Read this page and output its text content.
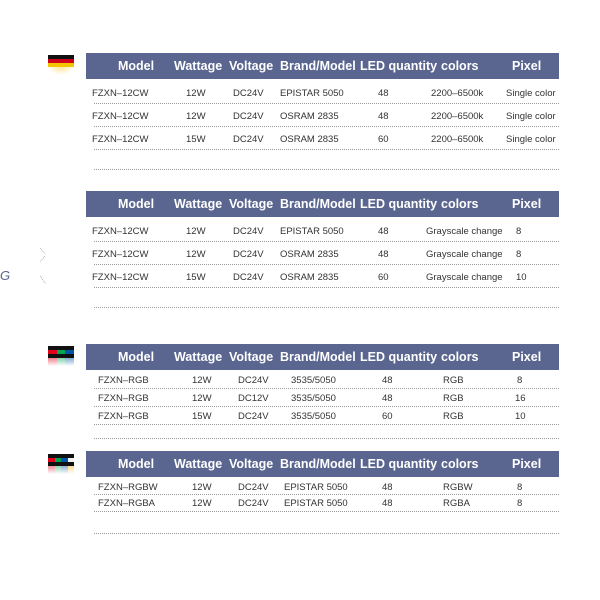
G
Model Wattage Voltage Brand/Model LED quantity colors	Pixel
FZXN–12CW	12W	DC24V EPISTAR 5050	48	2200–6500k Single color
FZXN–12CW	12W	DC24V OSRAM 2835	48	2200–6500k Single color
FZXN–12CW	15W	DC24V OSRAM 2835	60	2200–6500k Single color
Model Wattage Voltage Brand/Model LED quantity colors	Pixel
FZXN–12CW	12W	DC24V EPISTAR 5050	48	Grayscale change 8
FZXN–12CW	12W	DC24V OSRAM 2835	48	Grayscale change 8
FZXN–12CW	15W	DC24V OSRAM 2835	60	Grayscale change 10
Model Wattage Voltage Brand/Model LED quantity colors	Pixel
FZXN–RGB	12W	DC24V 3535/5050	48	RGB	8
FZXN–RGB	12W	DC12V 3535/5050	48	RGB	16
FZXN–RGB	15W	DC24V 3535/5050	60	RGB	10
Model Wattage Voltage Brand/Model LED quantity colors	Pixel
FZXN–RGBW	12W	DC24V EPISTAR 5050	48	RGBW	8
FZXN–RGBA	12W	DC24V EPISTAR 5050	48	RGBA	8
